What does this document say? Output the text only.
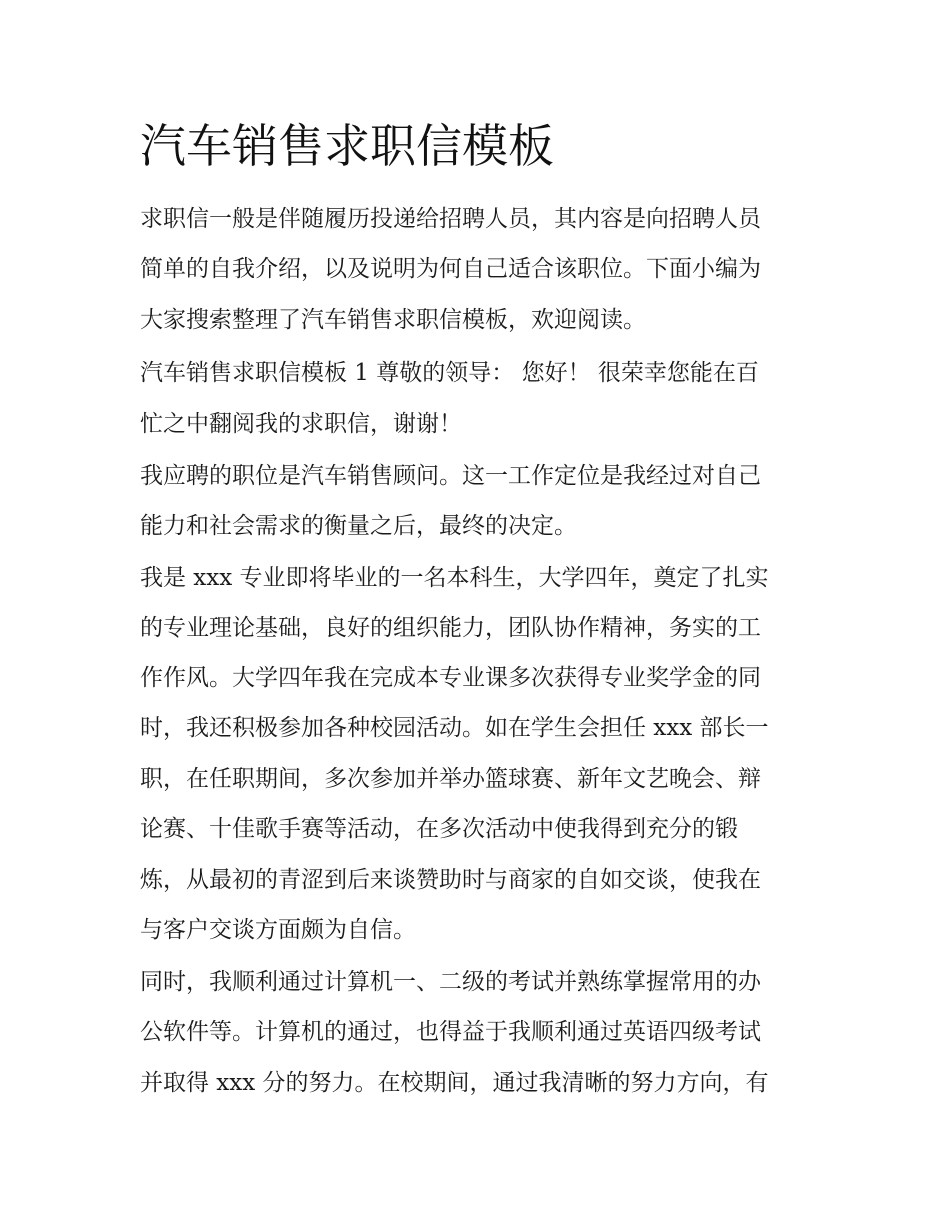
汽车销售求职信模板

求职信一般是伴随履历投递给招聘人员，其内容是向招聘人员

简单的自我介绍，以及说明为何自己适合该职位。下面小编为

大家搜索整理了汽车销售求职信模板，欢迎阅读。

汽车销售求职信模板 1 尊敬的领导： 您好！ 很荣幸您能在百

忙之中翻阅我的求职信，谢谢！

我应聘的职位是汽车销售顾问。这一工作定位是我经过对自己

能力和社会需求的衡量之后，最终的决定。

我是 xxx 专业即将毕业的一名本科生，大学四年，奠定了扎实

的专业理论基础，良好的组织能力，团队协作精神，务实的工

作作风。大学四年我在完成本专业课多次获得专业奖学金的同

时，我还积极参加各种校园活动。如在学生会担任 xxx 部长一

职，在任职期间，多次参加并举办篮球赛、新年文艺晚会、辩

论赛、十佳歌手赛等活动，在多次活动中使我得到充分的锻

炼，从最初的青涩到后来谈赞助时与商家的自如交谈，使我在

与客户交谈方面颇为自信。

同时，我顺利通过计算机一、二级的考试并熟练掌握常用的办

公软件等。计算机的通过，也得益于我顺利通过英语四级考试

并取得 xxx 分的努力。在校期间，通过我清晰的努力方向，有
